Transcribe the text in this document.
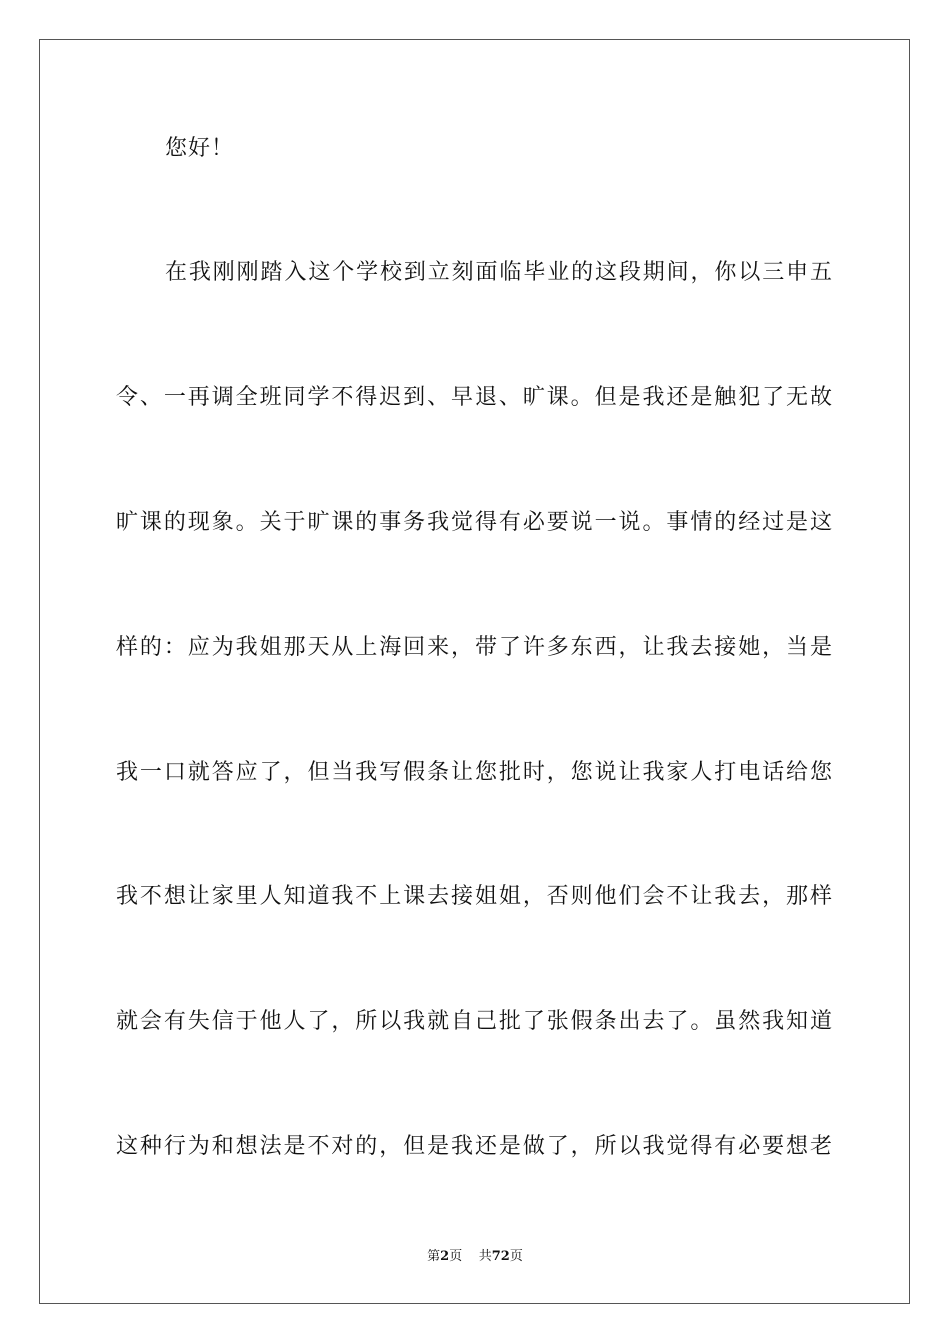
您好！
在我刚刚踏入这个学校到立刻面临毕业的这段期间，你以三申五
令、一再调全班同学不得迟到、早退、旷课。但是我还是触犯了无故
旷课的现象。关于旷课的事务我觉得有必要说一说。事情的经过是这
样的：应为我姐那天从上海回来，带了许多东西，让我去接她，当是
我一口就答应了，但当我写假条让您批时，您说让我家人打电话给您
我不想让家里人知道我不上课去接姐姐，否则他们会不让我去，那样
就会有失信于他人了，所以我就自己批了张假条出去了。虽然我知道
这种行为和想法是不对的，但是我还是做了，所以我觉得有必要想老
第2页 共72页
